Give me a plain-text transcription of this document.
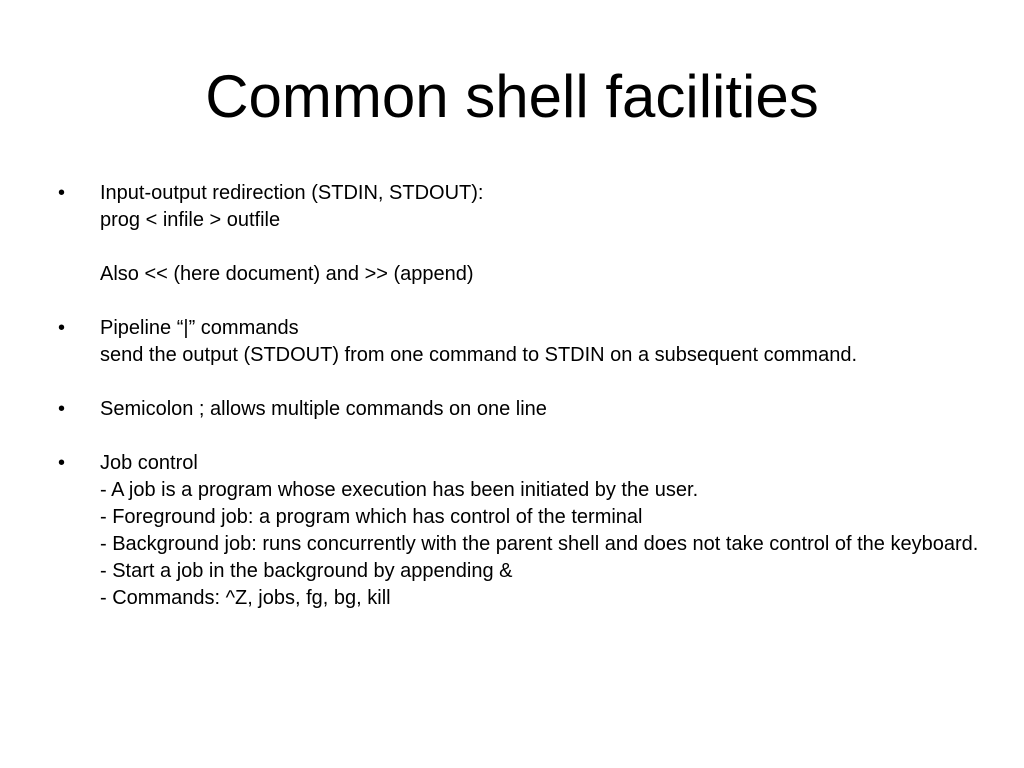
Common shell facilities
•	Input-output redirection (STDIN, STDOUT):

prog < infile > outfile

Also << (here document) and >> (append)

•	Pipeline “|” commands

send the output (STDOUT) from one command to STDIN on a subsequent command.

•	Semicolon ; allows multiple commands on one line

•	Job control

- A job is a program whose execution has been initiated by the user.

- Foreground job: a program which has control of the terminal

- Background job: runs concurrently with the parent shell and does not take control of the keyboard.

- Start a job in the background by appending &

- Commands: ^Z, jobs, fg, bg, kill
